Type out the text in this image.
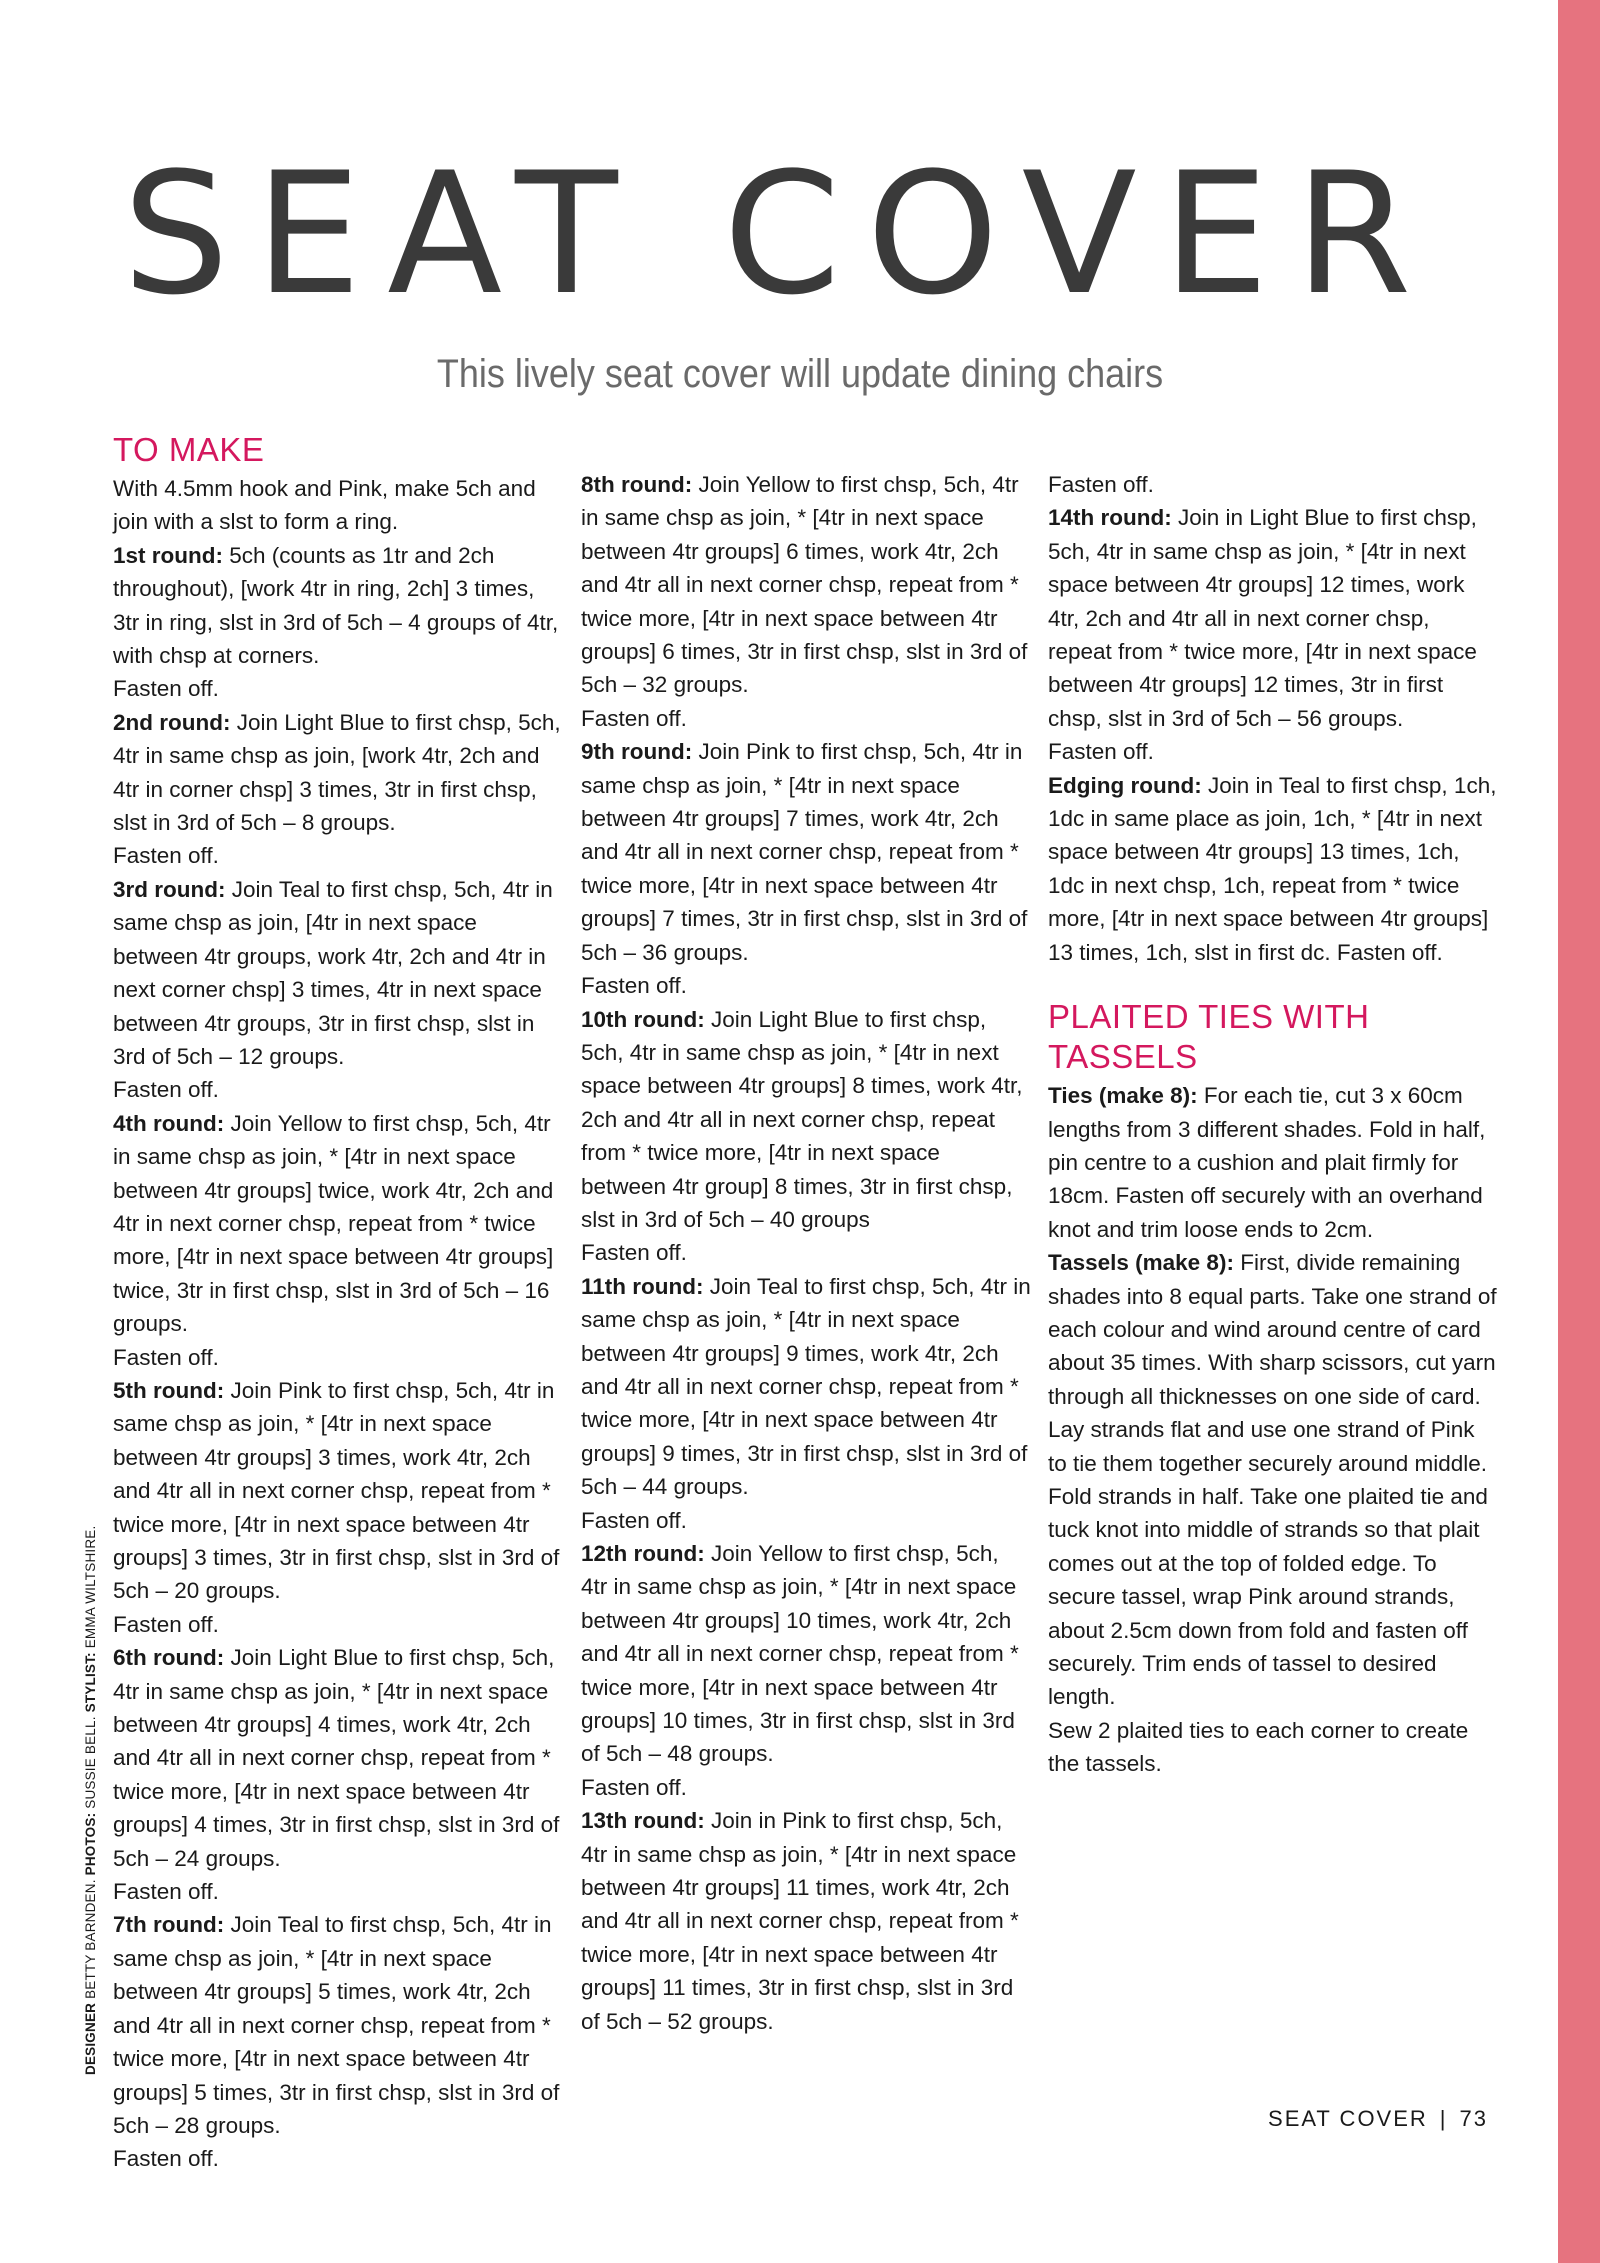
SEAT COVER

This lively seat cover will update dining chairs

DESIGNER BETTY BARNDEN. PHOTOS: SUSSIE BELL. STYLIST: EMMA WILTSHIRE.
TO MAKE

With 4.5mm hook and Pink, make 5ch and join with a slst to form a ring.

1st round: 5ch (counts as 1tr and 2ch throughout), [work 4tr in ring, 2ch] 3 times, 3tr in ring, slst in 3rd of 5ch – 4 groups of 4tr, with chsp at corners.

Fasten off.

2nd round: Join Light Blue to first chsp, 5ch, 4tr in same chsp as join, [work 4tr, 2ch and 4tr in corner chsp] 3 times, 3tr in first chsp, slst in 3rd of 5ch – 8 groups.

Fasten off.

3rd round: Join Teal to first chsp, 5ch, 4tr in same chsp as join, [4tr in next space between 4tr groups, work 4tr, 2ch and 4tr in next corner chsp] 3 times, 4tr in next space between 4tr groups, 3tr in first chsp, slst in 3rd of 5ch – 12 groups.

Fasten off.

4th round: Join Yellow to first chsp, 5ch, 4tr in same chsp as join, * [4tr in next space between 4tr groups] twice, work 4tr, 2ch and 4tr in next corner chsp, repeat from * twice more, [4tr in next space between 4tr groups] twice, 3tr in first chsp, slst in 3rd of 5ch – 16 groups.

Fasten off.

5th round: Join Pink to first chsp, 5ch, 4tr in same chsp as join, * [4tr in next space between 4tr groups] 3 times, work 4tr, 2ch and 4tr all in next corner chsp, repeat from * twice more, [4tr in next space between 4tr groups] 3 times, 3tr in first chsp, slst in 3rd of 5ch – 20 groups.

Fasten off.

6th round: Join Light Blue to first chsp, 5ch, 4tr in same chsp as join, * [4tr in next space between 4tr groups] 4 times, work 4tr, 2ch and 4tr all in next corner chsp, repeat from * twice more, [4tr in next space between 4tr groups] 4 times, 3tr in first chsp, slst in 3rd of 5ch – 24 groups.

Fasten off.

7th round: Join Teal to first chsp, 5ch, 4tr in same chsp as join, * [4tr in next space between 4tr groups] 5 times, work 4tr, 2ch and 4tr all in next corner chsp, repeat from * twice more, [4tr in next space between 4tr groups] 5 times, 3tr in first chsp, slst in 3rd of 5ch – 28 groups.

Fasten off.

8th round: Join Yellow to first chsp, 5ch, 4tr in same chsp as join, * [4tr in next space between 4tr groups] 6 times, work 4tr, 2ch and 4tr all in next corner chsp, repeat from * twice more, [4tr in next space between 4tr groups] 6 times, 3tr in first chsp, slst in 3rd of 5ch – 32 groups.

Fasten off.

9th round: Join Pink to first chsp, 5ch, 4tr in same chsp as join, * [4tr in next space between 4tr groups] 7 times, work 4tr, 2ch and 4tr all in next corner chsp, repeat from * twice more, [4tr in next space between 4tr groups] 7 times, 3tr in first chsp, slst in 3rd of 5ch – 36 groups.

Fasten off.

10th round: Join Light Blue to first chsp, 5ch, 4tr in same chsp as join, * [4tr in next space between 4tr groups] 8 times, work 4tr, 2ch and 4tr all in next corner chsp, repeat from * twice more, [4tr in next space between 4tr group] 8 times, 3tr in first chsp, slst in 3rd of 5ch – 40 groups

Fasten off.

11th round: Join Teal to first chsp, 5ch, 4tr in same chsp as join, * [4tr in next space between 4tr groups] 9 times, work 4tr, 2ch and 4tr all in next corner chsp, repeat from * twice more, [4tr in next space between 4tr groups] 9 times, 3tr in first chsp, slst in 3rd of 5ch – 44 groups.

Fasten off.

12th round: Join Yellow to first chsp, 5ch, 4tr in same chsp as join, * [4tr in next space between 4tr groups] 10 times, work 4tr, 2ch and 4tr all in next corner chsp, repeat from * twice more, [4tr in next space between 4tr groups] 10 times, 3tr in first chsp, slst in 3rd of 5ch – 48 groups.

Fasten off.

13th round: Join in Pink to first chsp, 5ch, 4tr in same chsp as join, * [4tr in next space between 4tr groups] 11 times, work 4tr, 2ch and 4tr all in next corner chsp, repeat from * twice more, [4tr in next space between 4tr groups] 11 times, 3tr in first chsp, slst in 3rd of 5ch – 52 groups.

Fasten off.

14th round: Join in Light Blue to first chsp, 5ch, 4tr in same chsp as join, * [4tr in next space between 4tr groups] 12 times, work 4tr, 2ch and 4tr all in next corner chsp, repeat from * twice more, [4tr in next space between 4tr groups] 12 times, 3tr in first chsp, slst in 3rd of 5ch – 56 groups.

Fasten off.

Edging round: Join in Teal to first chsp, 1ch, 1dc in same place as join, 1ch, * [4tr in next space between 4tr groups] 13 times, 1ch, 1dc in next chsp, 1ch, repeat from * twice more, [4tr in next space between 4tr groups] 13 times, 1ch, slst in first dc. Fasten off.

PLAITED TIES WITH TASSELS

Ties (make 8): For each tie, cut 3 x 60cm lengths from 3 different shades. Fold in half, pin centre to a cushion and plait firmly for 18cm. Fasten off securely with an overhand knot and trim loose ends to 2cm.

Tassels (make 8): First, divide remaining shades into 8 equal parts. Take one strand of each colour and wind around centre of card about 35 times. With sharp scissors, cut yarn through all thicknesses on one side of card. Lay strands flat and use one strand of Pink to tie them together securely around middle.

Fold strands in half. Take one plaited tie and tuck knot into middle of strands so that plait comes out at the top of folded edge. To secure tassel, wrap Pink around strands, about 2.5cm down from fold and fasten off securely. Trim ends of tassel to desired length.

Sew 2 plaited ties to each corner to create the tassels.

SEAT COVER | 73
